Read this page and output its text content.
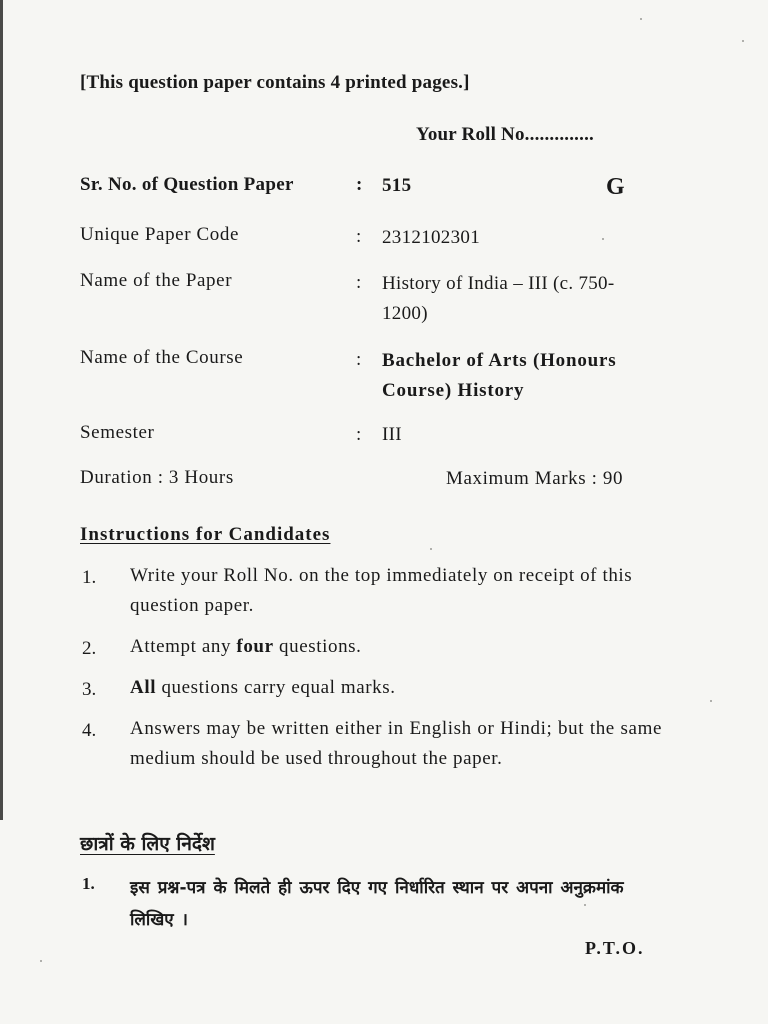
[This question paper contains 4 printed pages.]
Your Roll No..............
Sr. No. of Question Paper	: 515	G
Unique Paper Code	: 2312102301
Name of the Paper	: History of India – III (c. 750-
1200)
Name of the Course	: Bachelor of Arts (Honours
Course) History
Semester	: III
Duration : 3 Hours	Maximum Marks : 90
Instructions for Candidates
1. Write your Roll No. on the top immediately on receipt of this question paper.
2. Attempt any four questions.
3. All questions carry equal marks.
4. Answers may be written either in English or Hindi; but the same medium should be used throughout the paper.
छात्रों के लिए निर्देश
1. इस प्रश्न-पत्र के मिलते ही ऊपर दिए गए निर्धारित स्थान पर अपना अनुक्रमांक लिखिए ।
P.T.O.
